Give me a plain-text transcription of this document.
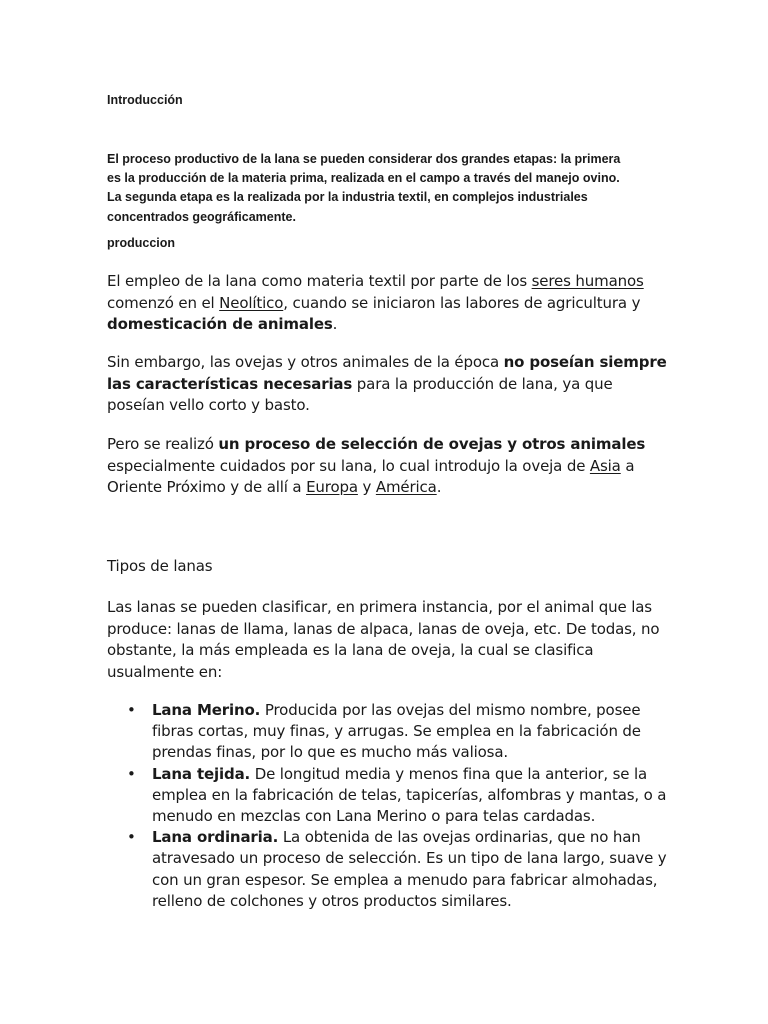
Introducción

El proceso productivo de la lana se pueden considerar dos grandes etapas: la primera es la producción de la materia prima, realizada en el campo a través del manejo ovino. La segunda etapa es la realizada por la industria textil, en complejos industriales concentrados geográficamente.

produccion

El empleo de la lana como materia textil por parte de los seres humanos comenzó en el Neolítico, cuando se iniciaron las labores de agricultura y domesticación de animales.

Sin embargo, las ovejas y otros animales de la época no poseían siempre las características necesarias para la producción de lana, ya que poseían vello corto y basto.

Pero se realizó un proceso de selección de ovejas y otros animales especialmente cuidados por su lana, lo cual introdujo la oveja de Asia a Oriente Próximo y de allí a Europa y América.

Tipos de lanas

Las lanas se pueden clasificar, en primera instancia, por el animal que las produce: lanas de llama, lanas de alpaca, lanas de oveja, etc. De todas, no obstante, la más empleada es la lana de oveja, la cual se clasifica usualmente en:

• Lana Merino. Producida por las ovejas del mismo nombre, posee fibras cortas, muy finas, y arrugas. Se emplea en la fabricación de prendas finas, por lo que es mucho más valiosa.
• Lana tejida. De longitud media y menos fina que la anterior, se la emplea en la fabricación de telas, tapicerías, alfombras y mantas, o a menudo en mezclas con Lana Merino o para telas cardadas.
• Lana ordinaria. La obtenida de las ovejas ordinarias, que no han atravesado un proceso de selección. Es un tipo de lana largo, suave y con un gran espesor. Se emplea a menudo para fabricar almohadas, relleno de colchones y otros productos similares.
